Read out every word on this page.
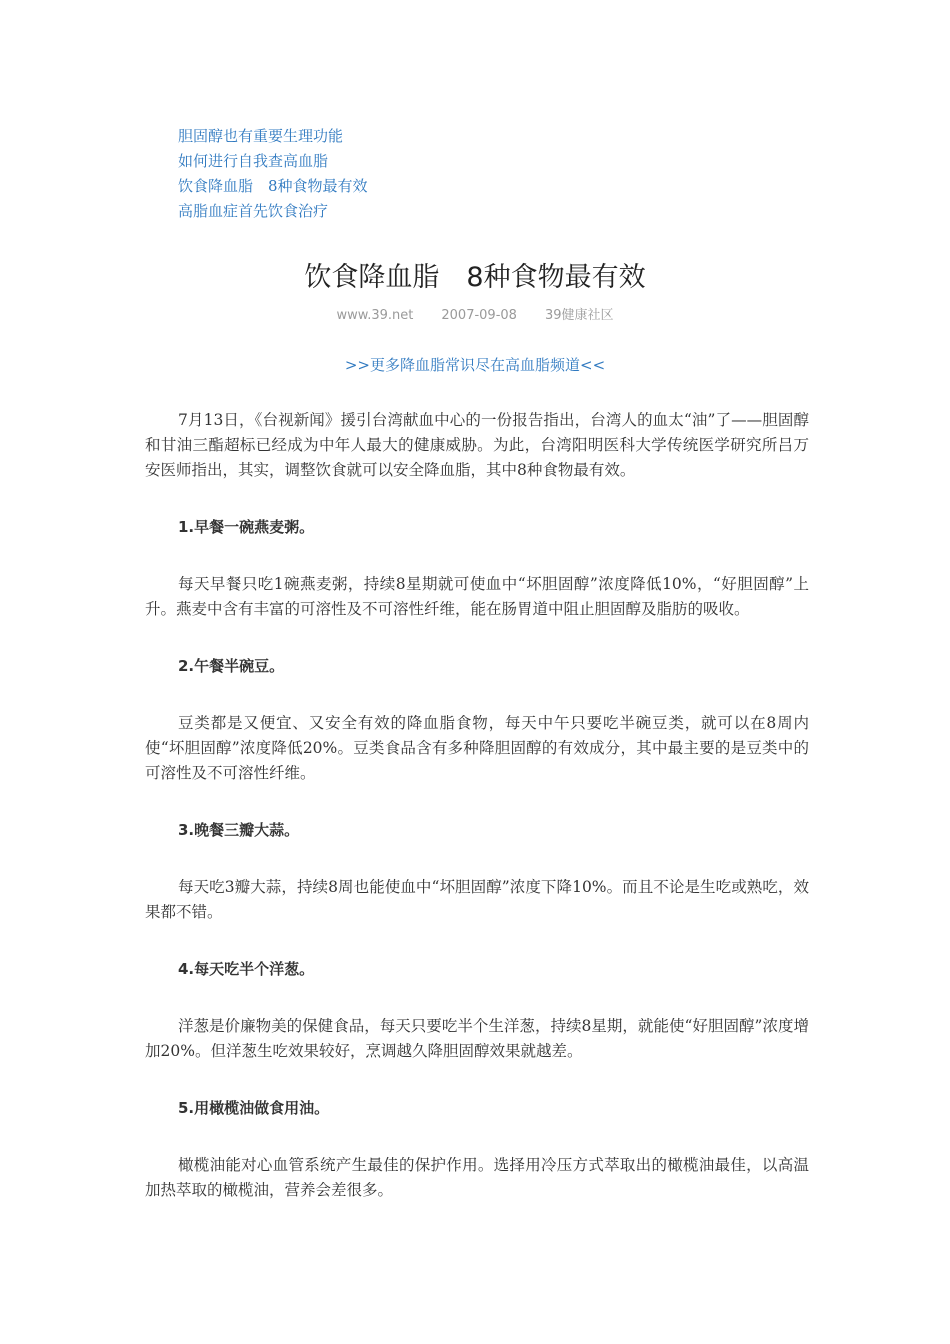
胆固醇也有重要生理功能
如何进行自我查高血脂
饮食降血脂　8种食物最有效
高脂血症首先饮食治疗
饮食降血脂　8种食物最有效
www.39.net 2007-09-08 39健康社区
>>更多降血脂常识尽在高血脂频道<<

7月13日，《台视新闻》援引台湾献血中心的一份报告指出，台湾人的血太“油”了——胆固醇和甘油三酯超标已经成为中年人最大的健康威胁。为此，台湾阳明医科大学传统医学研究所吕万安医师指出，其实，调整饮食就可以安全降血脂，其中8种食物最有效。

1.早餐一碗燕麦粥。

每天早餐只吃1碗燕麦粥，持续8星期就可使血中“坏胆固醇”浓度降低10%，“好胆固醇”上升。燕麦中含有丰富的可溶性及不可溶性纤维，能在肠胃道中阻止胆固醇及脂肪的吸收。

2.午餐半碗豆。

豆类都是又便宜、又安全有效的降血脂食物，每天中午只要吃半碗豆类，就可以在8周内使“坏胆固醇”浓度降低20%。豆类食品含有多种降胆固醇的有效成分，其中最主要的是豆类中的可溶性及不可溶性纤维。

3.晚餐三瓣大蒜。

每天吃3瓣大蒜，持续8周也能使血中“坏胆固醇”浓度下降10%。而且不论是生吃或熟吃，效果都不错。

4.每天吃半个洋葱。

洋葱是价廉物美的保健食品，每天只要吃半个生洋葱，持续8星期，就能使“好胆固醇”浓度增加20%。但洋葱生吃效果较好，烹调越久降胆固醇效果就越差。

5.用橄榄油做食用油。

橄榄油能对心血管系统产生最佳的保护作用。选择用冷压方式萃取出的橄榄油最佳，以高温加热萃取的橄榄油，营养会差很多。
